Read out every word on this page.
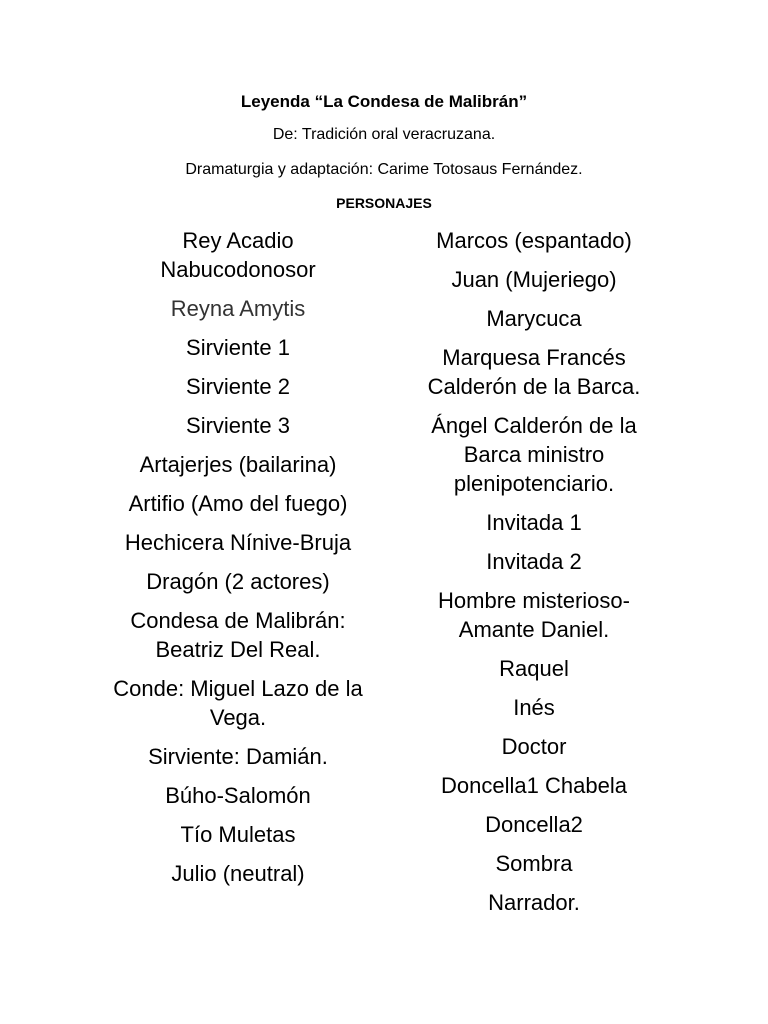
Leyenda “La Condesa de Malibrán”
De: Tradición oral veracruzana.
Dramaturgia y adaptación: Carime Totosaus Fernández.
PERSONAJES
Rey Acadio Nabucodonosor
Reyna Amytis
Sirviente 1
Sirviente 2
Sirviente 3
Artajerjes (bailarina)
Artifio (Amo del fuego)
Hechicera Nínive-Bruja
Dragón (2 actores)
Condesa de Malibrán: Beatriz Del Real.
Conde: Miguel Lazo de la Vega.
Sirviente: Damián.
Búho-Salomón
Tío Muletas
Julio (neutral)
Marcos (espantado)
Juan (Mujeriego)
Marycuca
Marquesa Francés Calderón de la Barca.
Ángel Calderón de la Barca ministro plenipotenciario.
Invitada 1
Invitada 2
Hombre misterioso-Amante Daniel.
Raquel
Inés
Doctor
Doncella1 Chabela
Doncella2
Sombra
Narrador.
